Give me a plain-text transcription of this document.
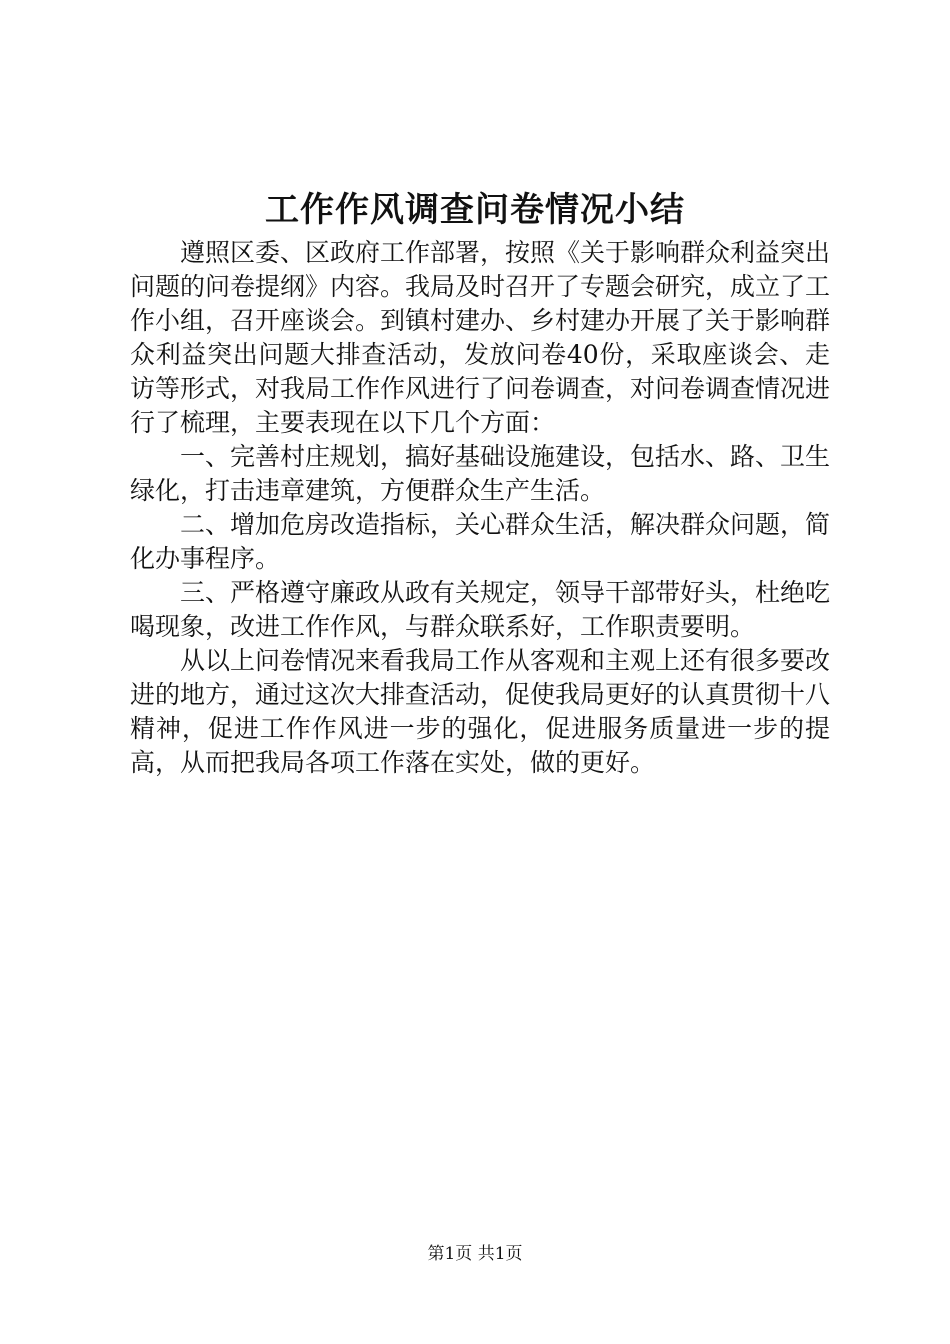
工作作风调查问卷情况小结

遵照区委、区政府工作部署，按照《关于影响群众利益突出问题的问卷提纲》内容。我局及时召开了专题会研究，成立了工作小组，召开座谈会。到镇村建办、乡村建办开展了关于影响群众利益突出问题大排查活动，发放问卷40份，采取座谈会、走访等形式，对我局工作作风进行了问卷调查，对问卷调查情况进行了梳理，主要表现在以下几个方面：

一、完善村庄规划，搞好基础设施建设，包括水、路、卫生绿化，打击违章建筑，方便群众生产生活。

二、增加危房改造指标，关心群众生活，解决群众问题，简化办事程序。

三、严格遵守廉政从政有关规定，领导干部带好头，杜绝吃喝现象，改进工作作风，与群众联系好，工作职责要明。

从以上问卷情况来看我局工作从客观和主观上还有很多要改进的地方，通过这次大排查活动，促使我局更好的认真贯彻十八精神，促进工作作风进一步的强化，促进服务质量进一步的提高，从而把我局各项工作落在实处，做的更好。

第1页 共1页
